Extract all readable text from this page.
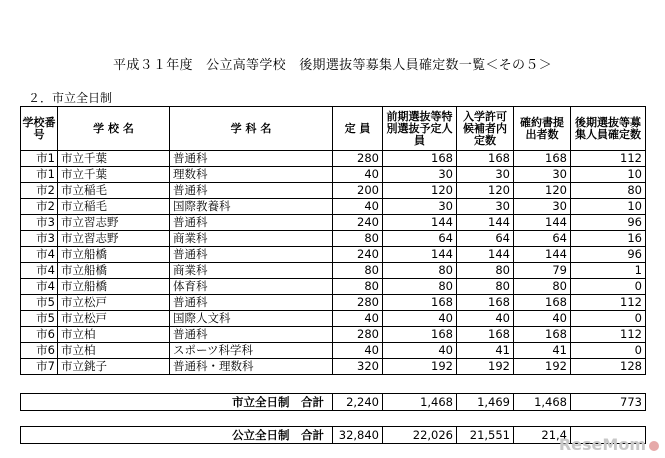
平成３１年度　公立高等学校　後期選抜等募集人員確定数一覧＜その５＞
２．市立全日制
学校番号	学 校 名	学 科 名	定 員	前期選抜等特別選抜予定人員	入学許可候補者内定数	確約書提出者数	後期選抜等募集人員確定数
市1	市立千葉	普通科	280	168	168	168	112
市1	市立千葉	理数科	40	30	30	30	10
市2	市立稲毛	普通科	200	120	120	120	80
市2	市立稲毛	国際教養科	40	30	30	30	10
市3	市立習志野	普通科	240	144	144	144	96
市3	市立習志野	商業科	80	64	64	64	16
市4	市立船橋	普通科	240	144	144	144	96
市4	市立船橋	商業科	80	80	80	79	1
市4	市立船橋	体育科	80	80	80	80	0
市5	市立松戸	普通科	280	168	168	168	112
市5	市立松戸	国際人文科	40	40	40	40	0
市6	市立柏	普通科	280	168	168	168	112
市6	市立柏	スポーツ科学科	40	40	41	41	0
市7	市立銚子	普通科・理数科	320	192	192	192	128
市立全日制　合計	2,240	1,468	1,469	1,468	773
公立全日制　合計	32,840	22,026	21,551	21,4	
ReseMom
